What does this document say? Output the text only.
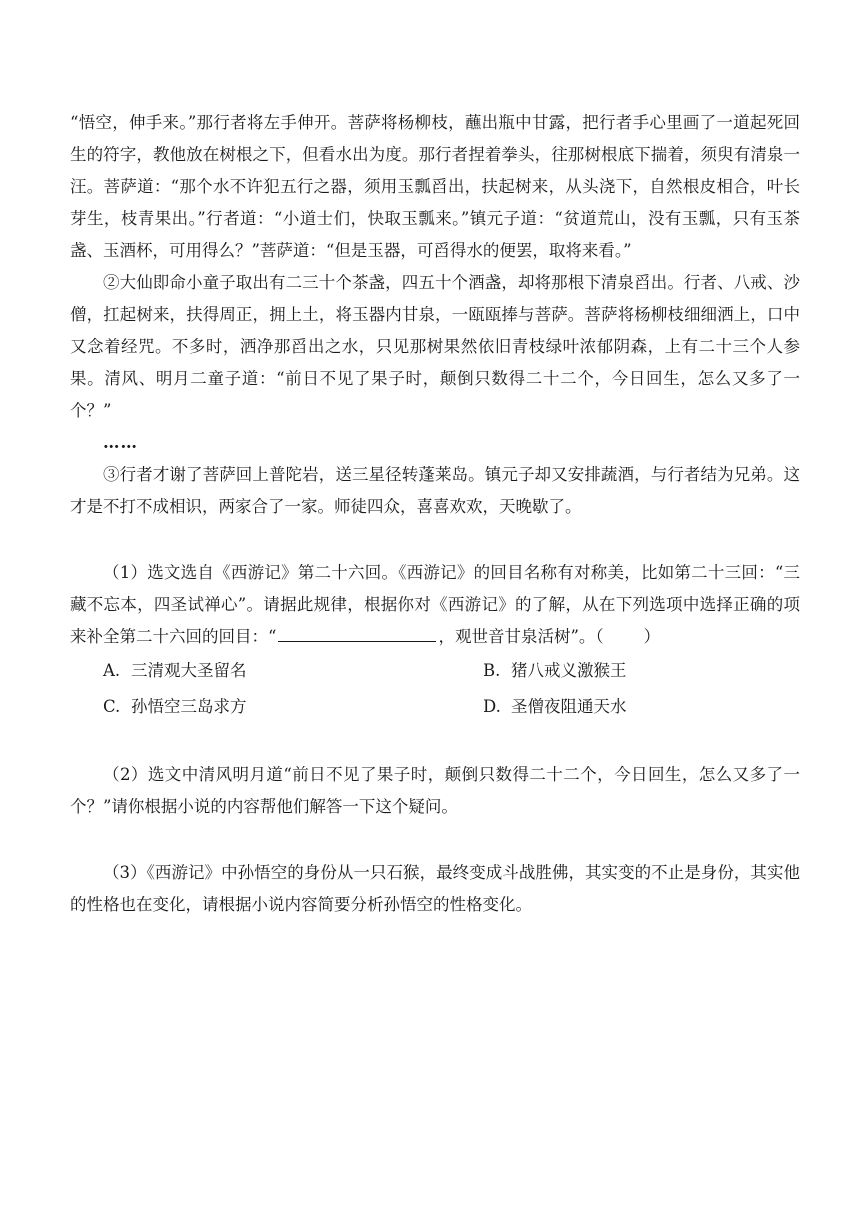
“悟空，伸手来。”那行者将左手伸开。菩萨将杨柳枝，蘸出瓶中甘露，把行者手心里画了一道起死回生的符字，教他放在树根之下，但看水出为度。那行者捏着拳头，往那树根底下揣着，须臾有清泉一汪。菩萨道：“那个水不许犯五行之器，须用玉瓢舀出，扶起树来，从头浇下，自然根皮相合，叶长芽生，枝青果出。”行者道：“小道士们，快取玉瓢来。”镇元子道：“贫道荒山，没有玉瓢，只有玉茶盏、玉酒杯，可用得么？”菩萨道：“但是玉器，可舀得水的便罢，取将来看。”

②大仙即命小童子取出有二三十个茶盏，四五十个酒盏，却将那根下清泉舀出。行者、八戒、沙僧，扛起树来，扶得周正，拥上土，将玉器内甘泉，一瓯瓯捧与菩萨。菩萨将杨柳枝细细洒上，口中又念着经咒。不多时，洒净那舀出之水，只见那树果然依旧青枝绿叶浓郁阴森，上有二十三个人参果。清风、明月二童子道：“前日不见了果子时，颠倒只数得二十二个，今日回生，怎么又多了一个？”

……

③行者才谢了菩萨回上普陀岩，送三星径转蓬莱岛。镇元子却又安排蔬酒，与行者结为兄弟。这才是不打不成相识，两家合了一家。师徒四众，喜喜欢欢，天晚歇了。

（1）选文选自《西游记》第二十六回。《西游记》的回目名称有对称美，比如第二十三回：“三藏不忘本，四圣试禅心”。请据此规律，根据你对《西游记》的了解，从在下列选项中选择正确的项来补全第二十六回的回目：“	，观世音甘泉活树”。（ ）

A. 三清观大圣留名	B. 猪八戒义激猴王
C. 孙悟空三岛求方	D. 圣僧夜阻通天水

（2）选文中清风明月道“前日不见了果子时，颠倒只数得二十二个，今日回生，怎么又多了一个？”请你根据小说的内容帮他们解答一下这个疑问。

（3）《西游记》中孙悟空的身份从一只石猴，最终变成斗战胜佛，其实变的不止是身份，其实他的性格也在变化，请根据小说内容简要分析孙悟空的性格变化。
